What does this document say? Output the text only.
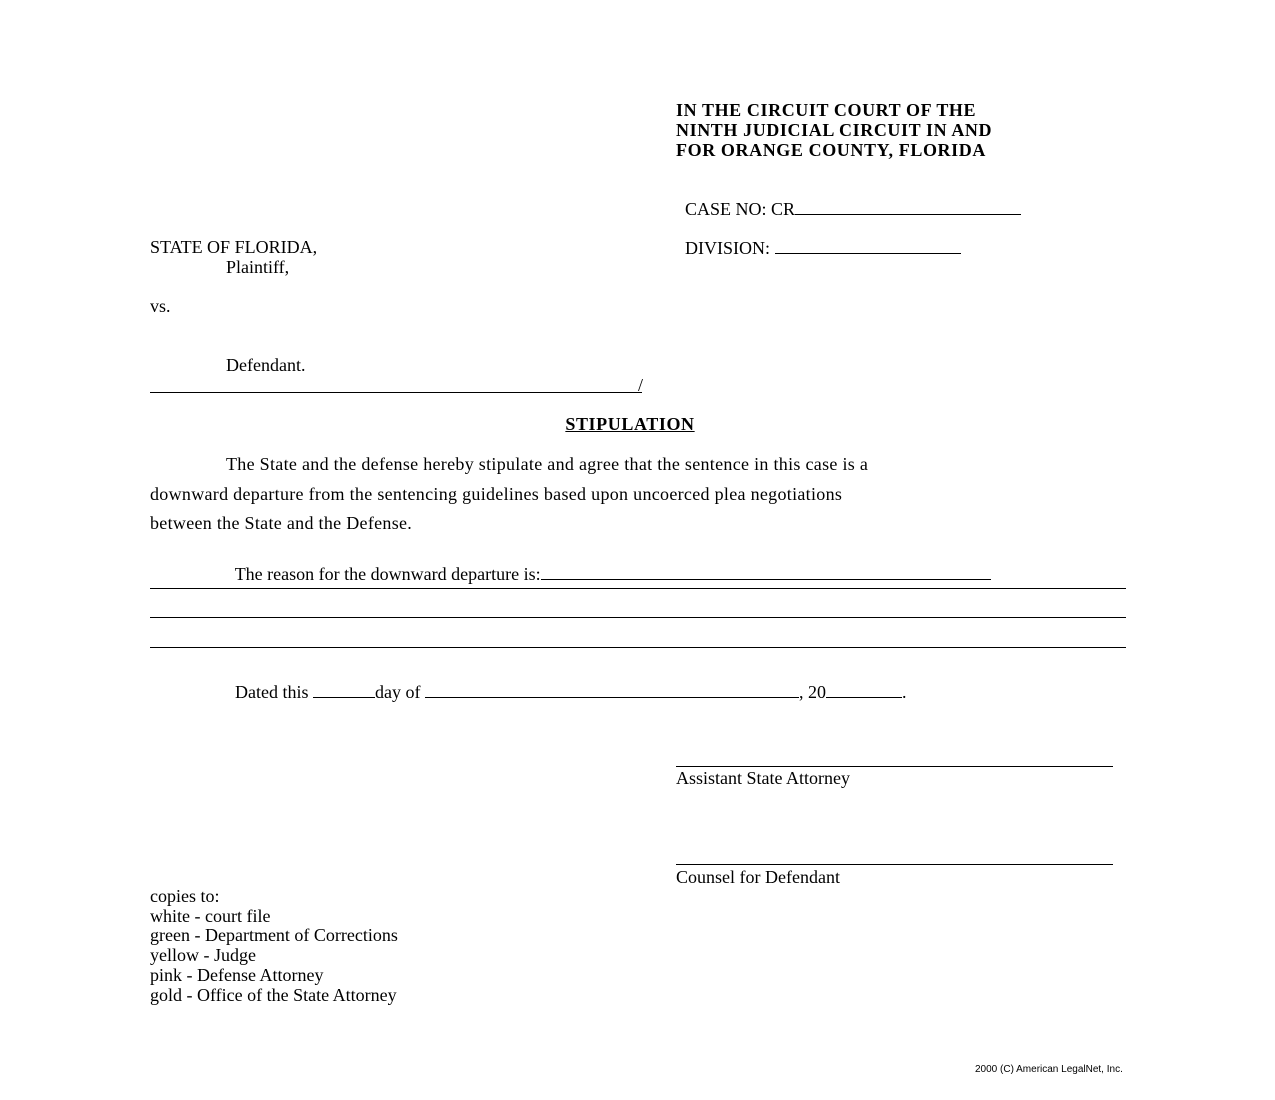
IN THE CIRCUIT COURT OF THE
NINTH JUDICIAL CIRCUIT IN AND
FOR ORANGE COUNTY, FLORIDA

CASE NO: CR

DIVISION:

STATE OF FLORIDA,
Plaintiff,
vs.
Defendant.
/
STIPULATION

The State and the defense hereby stipulate and agree that the sentence in this case is a

downward departure from the sentencing guidelines based upon uncoerced plea negotiations

between the State and the Defense.

The reason for the downward departure is:

Dated this	day of	, 20	.

Assistant State Attorney
Counsel for Defendant
copies to:
white - court file
green - Department of Corrections
yellow - Judge
pink - Defense Attorney
gold - Office of the State Attorney
2000 (C) American LegalNet, Inc.
